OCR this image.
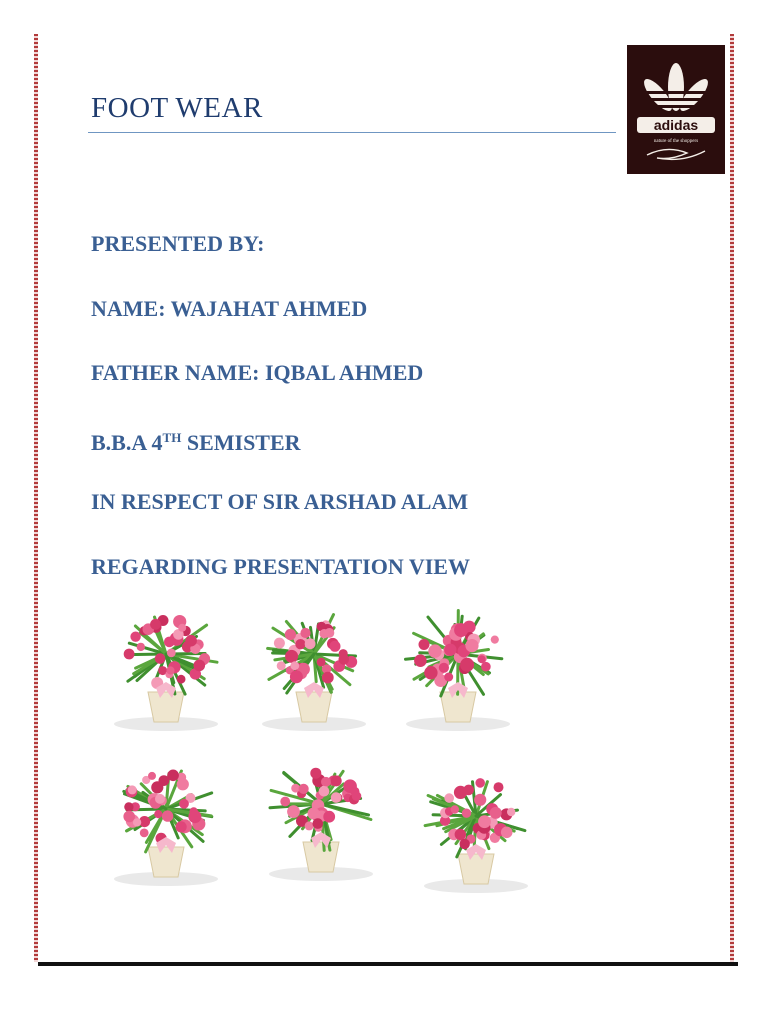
FOOT WEAR
adidas
nature of the shoppers
PRESENTED BY:
NAME: WAJAHAT AHMED
FATHER NAME: IQBAL AHMED
B.B.A 4TH SEMISTER
IN RESPECT OF SIR ARSHAD ALAM
REGARDING PRESENTATION VIEW
